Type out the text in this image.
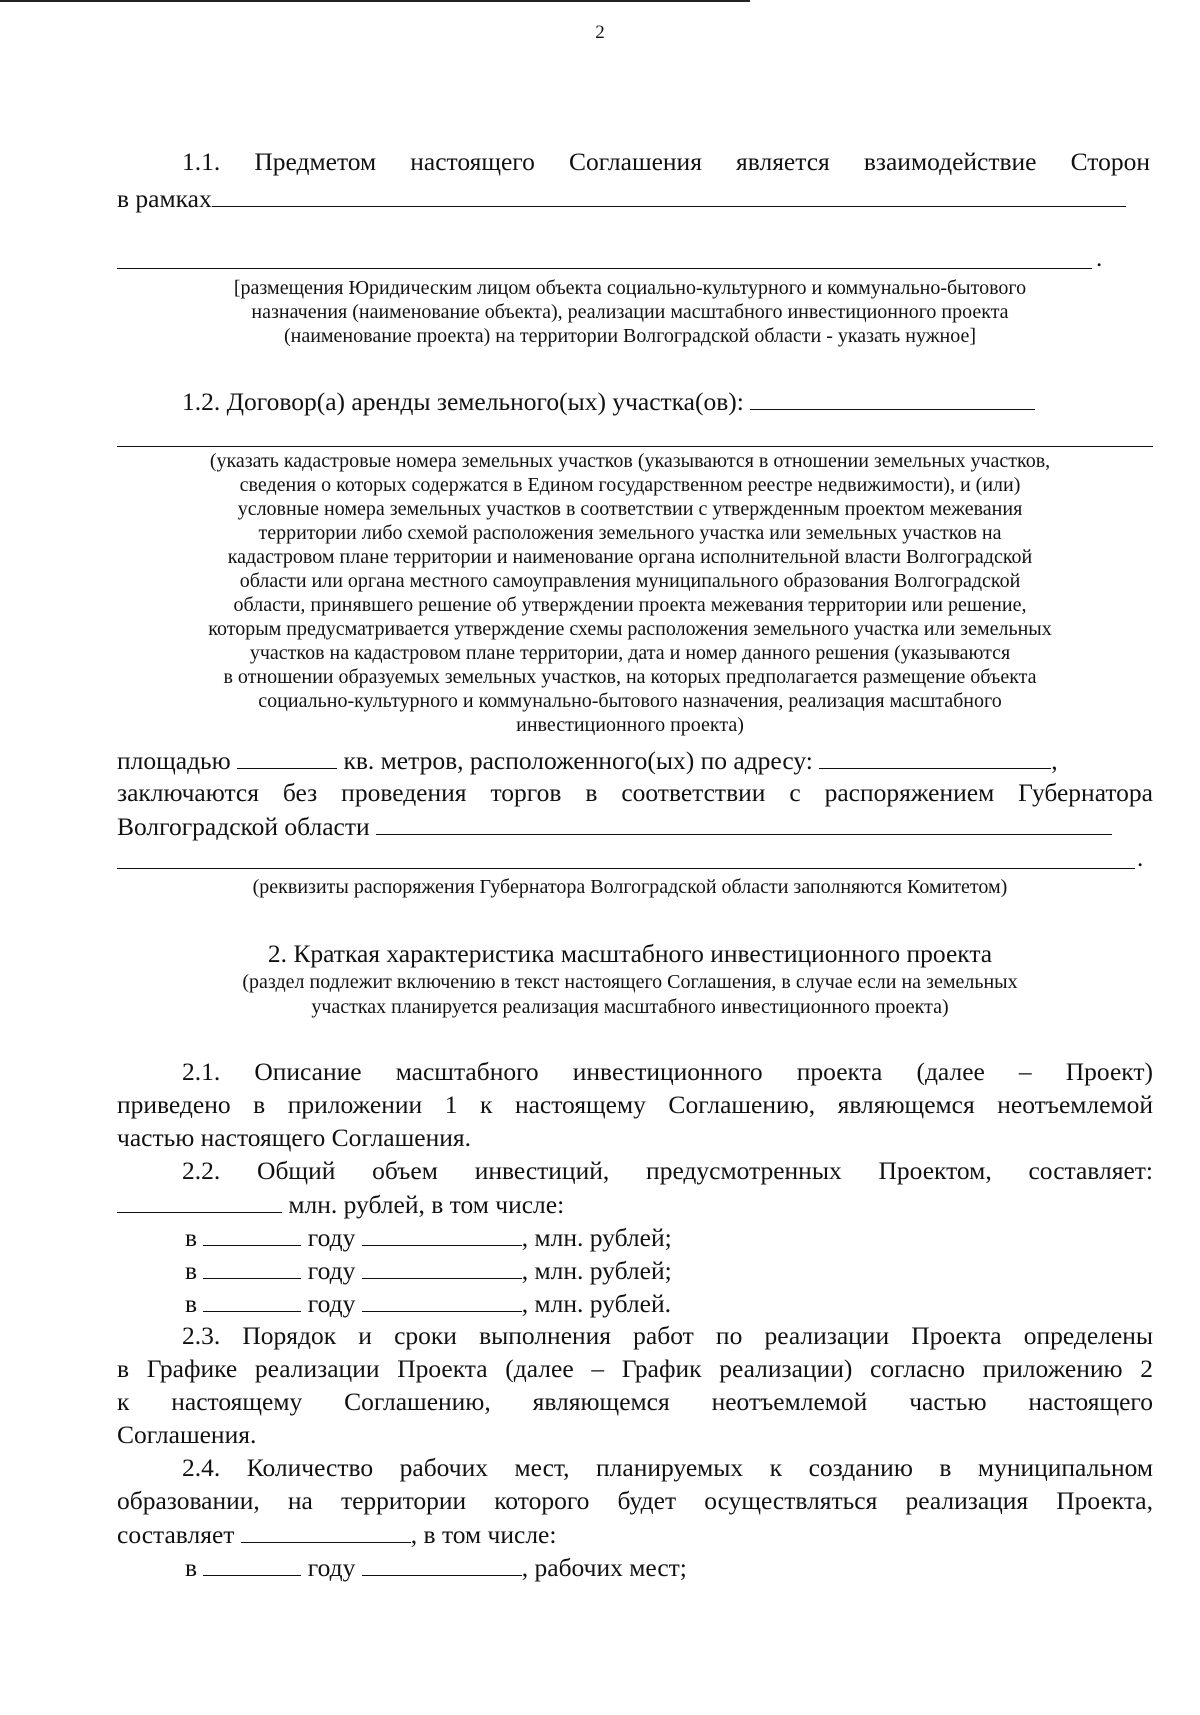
2
1.1. Предметом настоящего Соглашения является взаимодействие Сторон
в рамках
.
[размещения Юридическим лицом объекта социально-культурного и коммунально-бытового
назначения (наименование объекта), реализации масштабного инвестиционного проекта
(наименование проекта) на территории Волгоградской области - указать нужное]
1.2. Договор(а) аренды земельного(ых) участка(ов):
(указать кадастровые номера земельных участков (указываются в отношении земельных участков,
сведения о которых содержатся в Едином государственном реестре недвижимости), и (или)
условные номера земельных участков в соответствии с утвержденным проектом межевания
территории либо схемой расположения земельного участка или земельных участков на
кадастровом плане территории и наименование органа исполнительной власти Волгоградской
области или органа местного самоуправления муниципального образования Волгоградской
области, принявшего решение об утверждении проекта межевания территории или решение,
которым предусматривается утверждение схемы расположения земельного участка или земельных
участков на кадастровом плане территории, дата и номер данного решения (указываются
в отношении образуемых земельных участков, на которых предполагается размещение объекта
социально-культурного и коммунально-бытового назначения, реализация масштабного
инвестиционного проекта)
площадью	кв. метров, расположенного(ых) по адресу:	,
заключаются без проведения торгов в соответствии с распоряжением Губернатора
Волгоградской области
.
(реквизиты распоряжения Губернатора Волгоградской области заполняются Комитетом)
2. Краткая характеристика масштабного инвестиционного проекта
(раздел подлежит включению в текст настоящего Соглашения, в случае если на земельных
участках планируется реализация масштабного инвестиционного проекта)
2.1. Описание масштабного инвестиционного проекта (далее – Проект)
приведено в приложении 1 к настоящему Соглашению, являющемся неотъемлемой
частью настоящего Соглашения.
2.2. Общий объем инвестиций, предусмотренных Проектом, составляет:
млн. рублей, в том числе:
в	году	, млн. рублей;
в	году	, млн. рублей;
в	году	, млн. рублей.
2.3. Порядок и сроки выполнения работ по реализации Проекта определены
в Графике реализации Проекта (далее – График реализации) согласно приложению 2
к настоящему Соглашению, являющемся неотъемлемой частью настоящего
Соглашения.
2.4. Количество рабочих мест, планируемых к созданию в муниципальном
образовании, на территории которого будет осуществляться реализация Проекта,
составляет	, в том числе:
в	году	, рабочих мест;
